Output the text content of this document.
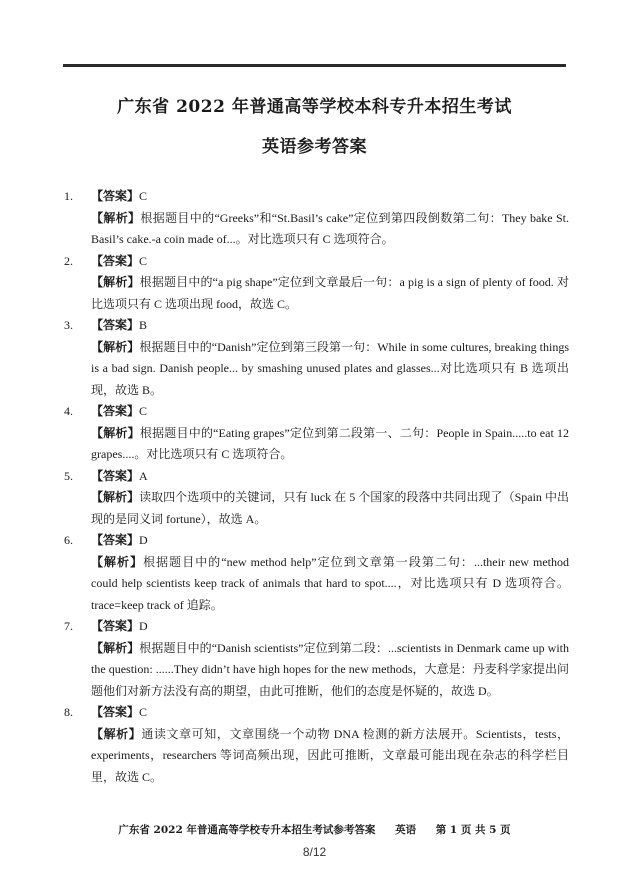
广东省 2022 年普通高等学校本科专升本招生考试
英语参考答案
1. 【答案】C
【解析】根据题目中的“Greeks”和“St.Basil’s cake”定位到第四段倒数第二句：They bake St. Basil’s cake.-a coin made of...。对比选项只有 C 选项符合。
2. 【答案】C
【解析】根据题目中的“a pig shape”定位到文章最后一句：a pig is a sign of plenty of food. 对比选项只有 C 选项出现 food，故选 C。
3. 【答案】B
【解析】根据题目中的“Danish”定位到第三段第一句：While in some cultures, breaking things is a bad sign. Danish people... by smashing unused plates and glasses...对比选项只有 B 选项出现，故选 B。
4. 【答案】C
【解析】根据题目中的“Eating grapes”定位到第二段第一、二句：People in Spain.....to eat 12 grapes....。对比选项只有 C 选项符合。
5. 【答案】A
【解析】读取四个选项中的关键词，只有 luck 在 5 个国家的段落中共同出现了（Spain 中出现的是同义词 fortune），故选 A。
6. 【答案】D
【解析】根据题目中的“new method help”定位到文章第一段第二句：...their new method could help scientists keep track of animals that hard to spot....，对比选项只有 D 选项符合。trace=keep track of 追踪。
7. 【答案】D
【解析】根据题目中的“Danish scientists”定位到第二段：...scientists in Denmark came up with the question: ......They didn’t have high hopes for the new methods，大意是：丹麦科学家提出问题他们对新方法没有高的期望，由此可推断，他们的态度是怀疑的，故选 D。
8. 【答案】C
【解析】通读文章可知，文章围绕一个动物 DNA 检测的新方法展开。Scientists，tests，experiments，researchers 等词高频出现，因此可推断，文章最可能出现在杂志的科学栏目里，故选 C。
广东省 2022 年普通高等学校专升本招生考试参考答案 英语 第 1 页 共 5 页
8/12
